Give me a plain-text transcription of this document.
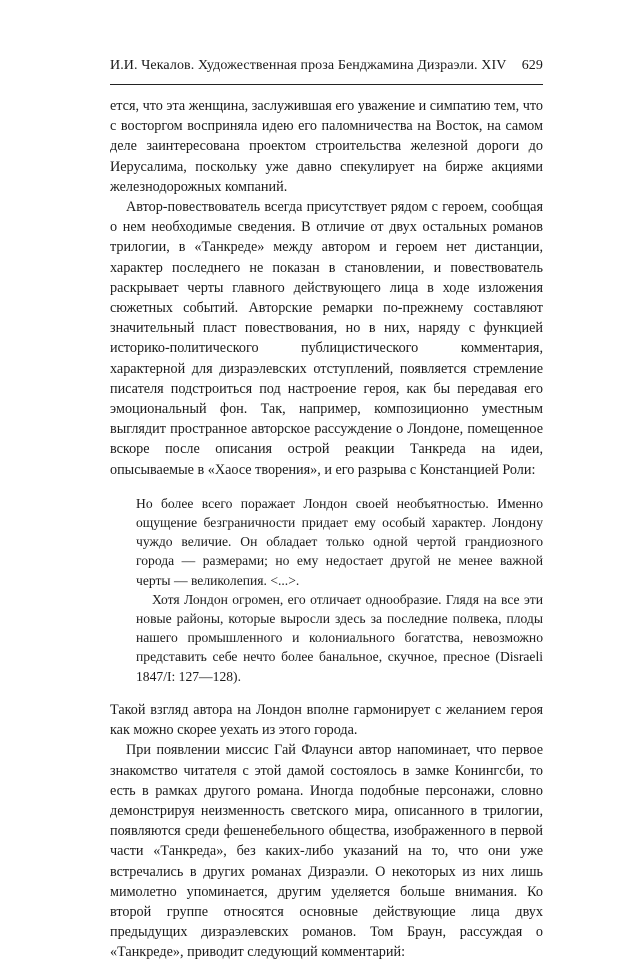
И.И. Чекалов. Художественная проза Бенджамина Дизраэли. XIV 629

ется, что эта женщина, заслужившая его уважение и симпатию тем, что с восторгом восприняла идею его паломничества на Восток, на самом деле заинтересована проектом строительства железной дороги до Иерусалима, поскольку уже давно спекулирует на бирже акциями железнодорожных компаний.

Автор-повествователь всегда присутствует рядом с героем, сообщая о нем необходимые сведения. В отличие от двух остальных романов трилогии, в «Танкреде» между автором и героем нет дистанции, характер последнего не показан в становлении, и повествователь раскрывает черты главного действующего лица в ходе изложения сюжетных событий. Авторские ремарки по-прежнему составляют значительный пласт повествования, но в них, наряду с функцией историко-политического публицистического комментария, характерной для дизраэлевских отступлений, появляется стремление писателя подстроиться под настроение героя, как бы передавая его эмоциональный фон. Так, например, композиционно уместным выглядит пространное авторское рассуждение о Лондоне, помещенное вскоре после описания острой реакции Танкреда на идеи, опысываемые в «Хаосе творения», и его разрыва с Констанцией Роли:

Но более всего поражает Лондон своей необъятностью. Именно ощущение безграничности придает ему особый характер. Лондону чуждо величие. Он обладает только одной чертой грандиозного города — размерами; но ему недостает другой не менее важной черты — великолепия. <...>.

Хотя Лондон огромен, его отличает однообразие. Глядя на все эти новые районы, которые выросли здесь за последние полвека, плоды нашего промышленного и колониального богатства, невозможно представить себе нечто более банальное, скучное, пресное (Disraeli 1847/I: 127—128).

Такой взгляд автора на Лондон вполне гармонирует с желанием героя как можно скорее уехать из этого города.

При появлении миссис Гай Флаунси автор напоминает, что первое знакомство читателя с этой дамой состоялось в замке Конингсби, то есть в рамках другого романа. Иногда подобные персонажи, словно демонстрируя неизменность светского мира, описанного в трилогии, появляются среди фешенебельного общества, изображенного в первой части «Танкреда», без каких-либо указаний на то, что они уже встречались в других романах Дизраэли. О некоторых из них лишь мимолетно упоминается, другим уделяется больше внимания. Ко второй группе относятся основные действующие лица двух предыдущих дизраэлевских романов. Том Браун, рассуждая о «Танкреде», приводит следующий комментарий:
